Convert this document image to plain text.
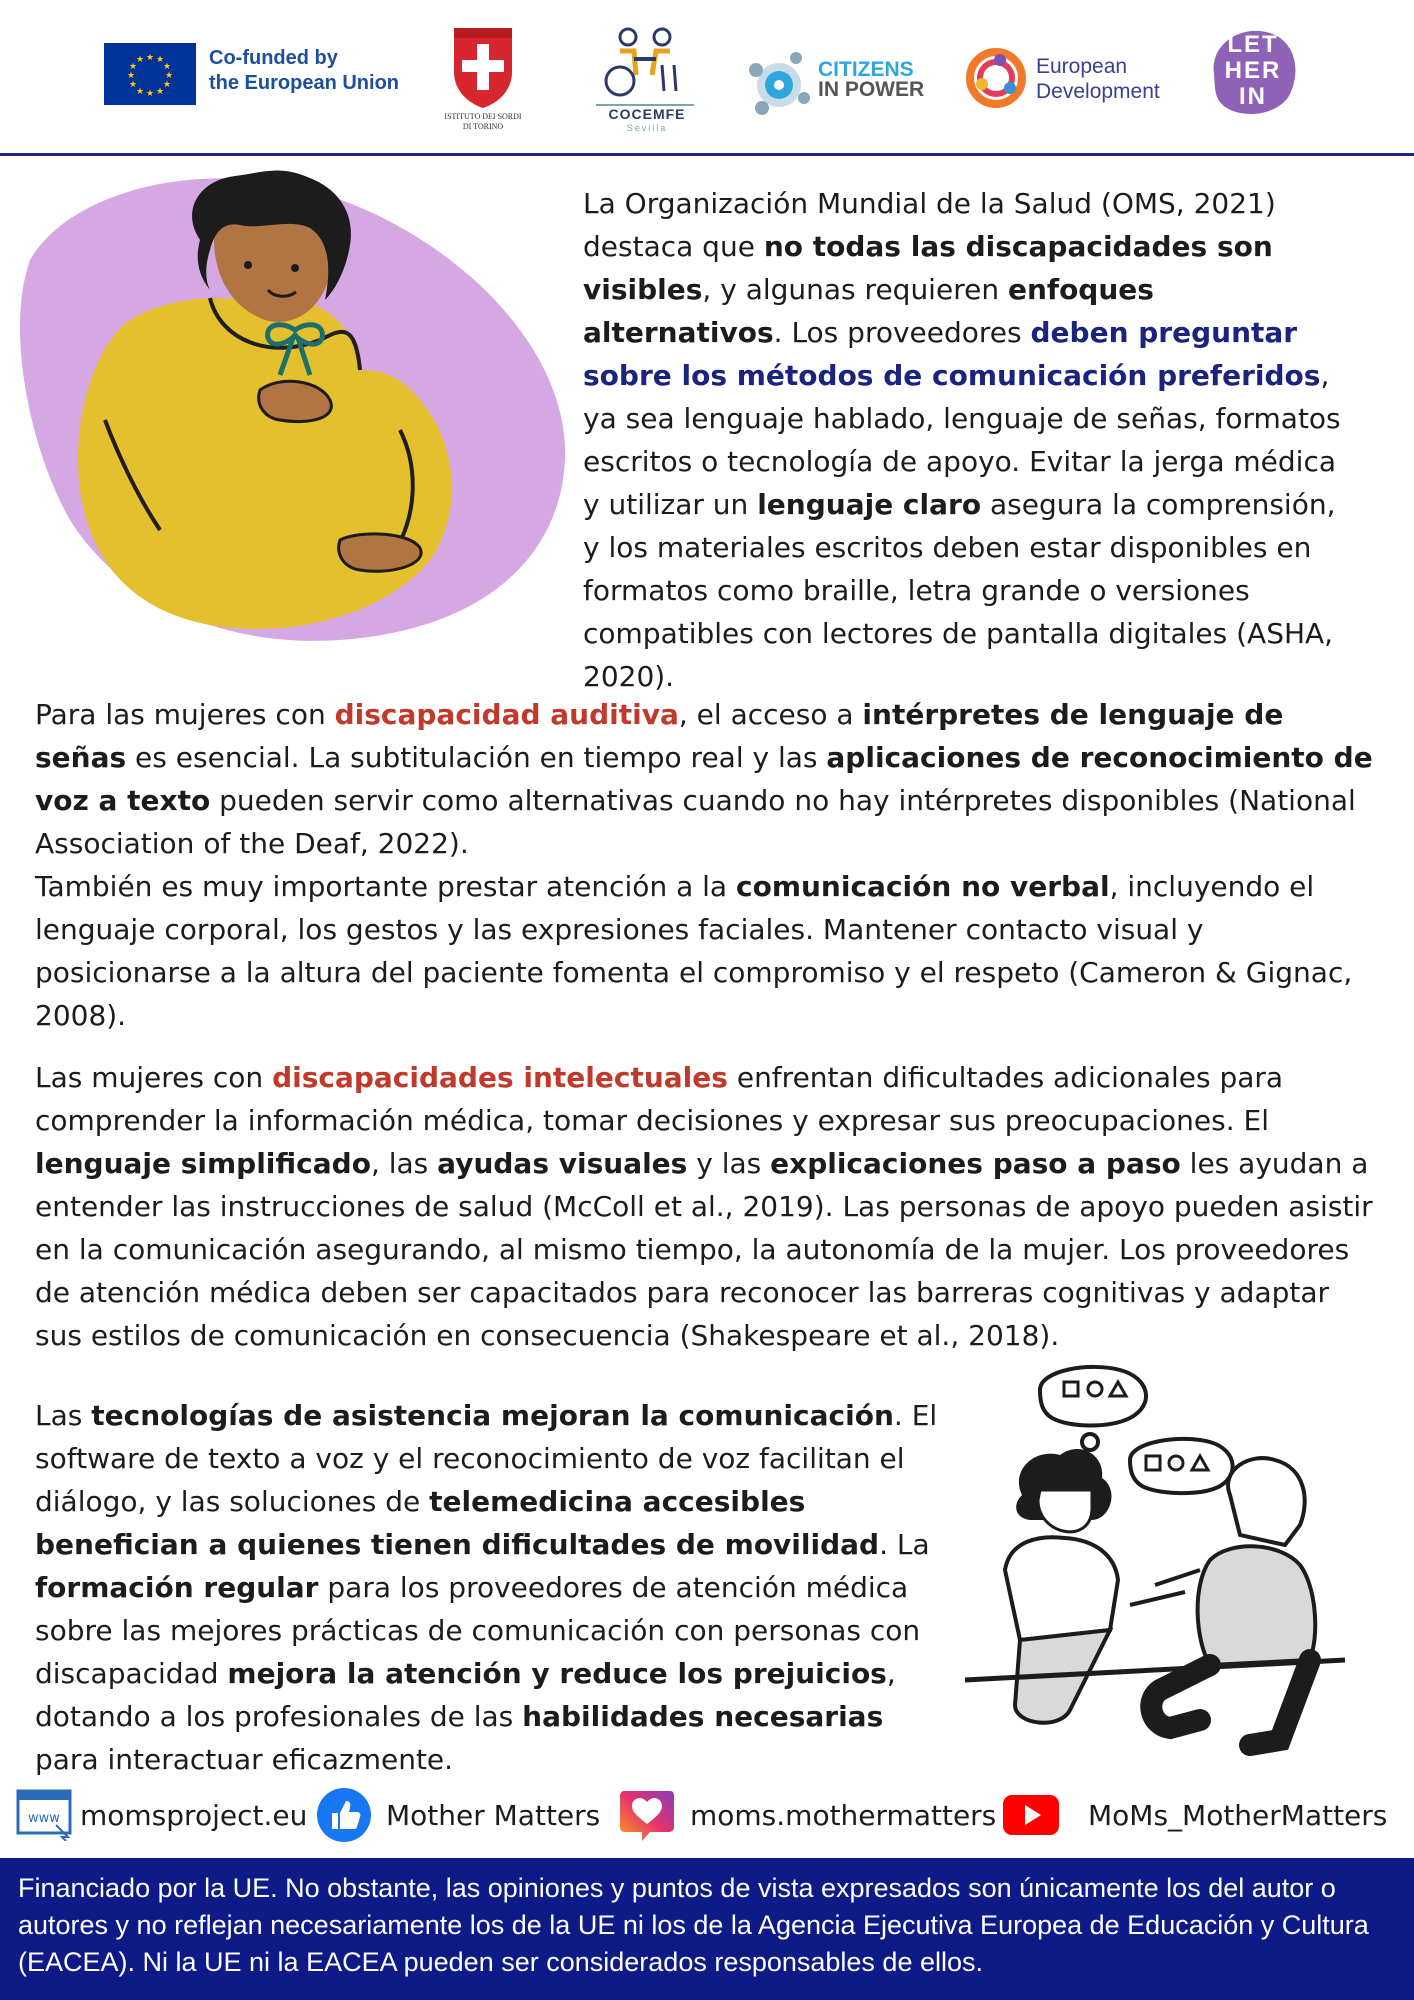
★ ★
★
★
★
★
★
★
★
★
★
★	Co-funded by
the European Union
ISTITUTO DEI SORDI
DI TORINO
COCEMFE
Sevilla
CITIZENS
IN POWER
European
Development
LET
HER
IN

La Organización Mundial de la Salud (OMS, 2021) destaca que no todas las discapacidades son visibles, y algunas requieren enfoques alternativos. Los proveedores deben preguntar sobre los métodos de comunicación preferidos, ya sea lenguaje hablado, lenguaje de señas, formatos escritos o tecnología de apoyo. Evitar la jerga médica y utilizar un lenguaje claro asegura la comprensión, y los materiales escritos deben estar disponibles en formatos como braille, letra grande o versiones compatibles con lectores de pantalla digitales (ASHA, 2020).

Para las mujeres con discapacidad auditiva, el acceso a intérpretes de lenguaje de señas es esencial. La subtitulación en tiempo real y las aplicaciones de reconocimiento de voz a texto pueden servir como alternativas cuando no hay intérpretes disponibles (National Association of the Deaf, 2022).
También es muy importante prestar atención a la comunicación no verbal, incluyendo el lenguaje corporal, los gestos y las expresiones faciales. Mantener contacto visual y posicionarse a la altura del paciente fomenta el compromiso y el respeto (Cameron & Gignac, 2008).

Las mujeres con discapacidades intelectuales enfrentan dificultades adicionales para comprender la información médica, tomar decisiones y expresar sus preocupaciones. El lenguaje simplificado, las ayudas visuales y las explicaciones paso a paso les ayudan a entender las instrucciones de salud (McColl et al., 2019). Las personas de apoyo pueden asistir en la comunicación asegurando, al mismo tiempo, la autonomía de la mujer. Los proveedores de atención médica deben ser capacitados para reconocer las barreras cognitivas y adaptar sus estilos de comunicación en consecuencia (Shakespeare et al., 2018).

Las tecnologías de asistencia mejoran la comunicación. El software de texto a voz y el reconocimiento de voz facilitan el diálogo, y las soluciones de telemedicina accesibles benefician a quienes tienen dificultades de movilidad. La formación regular para los proveedores de atención médica sobre las mejores prácticas de comunicación con personas con discapacidad mejora la atención y reduce los prejuicios, dotando a los profesionales de las habilidades necesarias para interactuar eficazmente.

www momsproject.eu	Mother Matters	moms.mothermatters	MoMs_MotherMatters
Financiado por la UE. No obstante, las opiniones y puntos de vista expresados son únicamente los del autor o autores y no reflejan necesariamente los de la UE ni los de la Agencia Ejecutiva Europea de Educación y Cultura (EACEA). Ni la UE ni la EACEA pueden ser considerados responsables de ellos.
